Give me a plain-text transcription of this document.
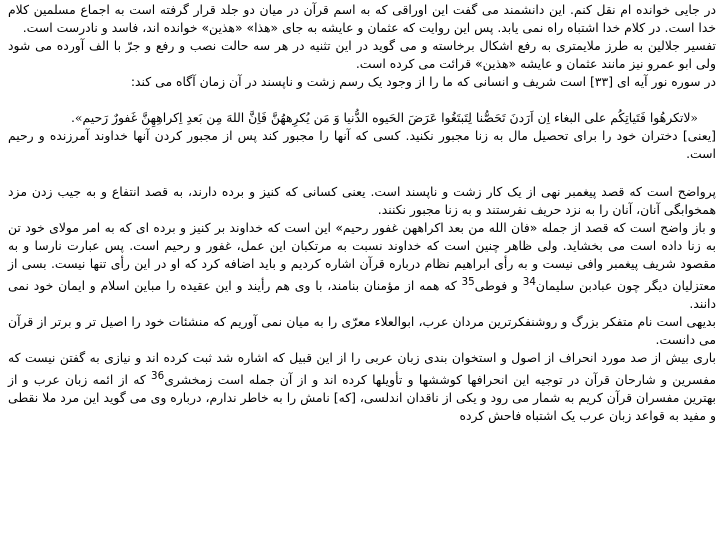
در جایی خوانده ام نقل کنم. این دانشمند می گفت این اوراقی که به اسم قرآن در میان دو جلد قرار گرفته است به اجماع مسلمین کلام خدا است. در کلام خدا اشتباه راه نمی یابد. پس این روایت که عثمان و عایشه به جای «هذا» «هذین» خوانده اند، فاسد و نادرست است.

تفسیر جلالین به طرز ملایمتری به رفع اشکال برخاسته و می گوید در این تثنیه در هر سه حالت نصب و رفع و جرّ با الف آورده می شود ولی ابو عمرو نیز مانند عثمان و عایشه «هذین» قرائت می کرده است.

در سوره نور آیه ای [۳۳] است شریف و انسانی که ما را از وجود یک رسم زشت و ناپسند در آن زمان آگاه می کند:

«لاتکرهُوا فَتَیاتِکُم علی البغاء اِن اَرَدنَ تَحَصُّنا لِتَبتَغُوا عَرَضَ الحَیوه الدُّنیا وَ مَن یُکرِههُنَّ فَاِنَّ اللهَ مِن بَعدِ اِکراهِهِنَّ غَفورٌ رَحیم».

[یعنی] دختران خود را برای تحصیل مال به زنا مجبور نکنید. کسی که آنها را مجبور کند پس از مجبور کردن آنها خداوند آمرزنده و رحیم است.

پرواضح است که قصد پیغمبر نهی از یک کار زشت و ناپسند است. یعنی کسانی که کنیز و برده دارند، به قصد انتفاع و به جیب زدن مزد همخوابگی آنان، آنان را به نزد حریف نفرستند و به زنا مجبور نکنند.

و باز واضح است که قصد از جمله «فان الله من بعد اکراههن غفور رحیم» این است که خداوند بر کنیز و برده ای که به امر مولای خود تن به زنا داده است می بخشاید. ولی ظاهر چنین است که خداوند نسبت به مرتکبان این عمل، غفور و رحیم است. پس عبارت نارسا و به مقصود شریف پیغمبر وافی نیست و به رأی ابراهیم نظام درباره قرآن اشاره کردیم و باید اضافه کرد که او در این رأی تنها نیست. بسی از معتزلیان دیگر چون عبادبن سلیمان$^{34}$ و فوطی$^{35}$ که همه از مؤمنان بنامند، با وی هم رأیند و این عقیده را مباین اسلام و ایمان خود نمی دانند.

بدیهی است نام متفکر بزرگ و روشنفکرترین مردان عرب، ابوالعلاء معرّی را به میان نمی آوریم که منشئات خود را اصیل تر و برتر از قرآن می دانست.

باری بیش از صد مورد انحراف از اصول و استخوان بندی زبان عربی را از این قبیل که اشاره شد ثبت کرده اند و نیازی به گفتن نیست که مفسرین و شارحان قرآن در توجیه این انحرافها کوششها و تأویلها کرده اند و از آن جمله است زمخشری$^{36}$ که از ائمه زبان عرب و از بهترین مفسران قرآن کریم به شمار می رود و یکی از ناقدان اندلسی، [که] نامش را به خاطر ندارم، درباره وی می گوید این مرد ملا نقطی و مفید به قواعد زبان عرب یک اشتباه فاحش کرده
